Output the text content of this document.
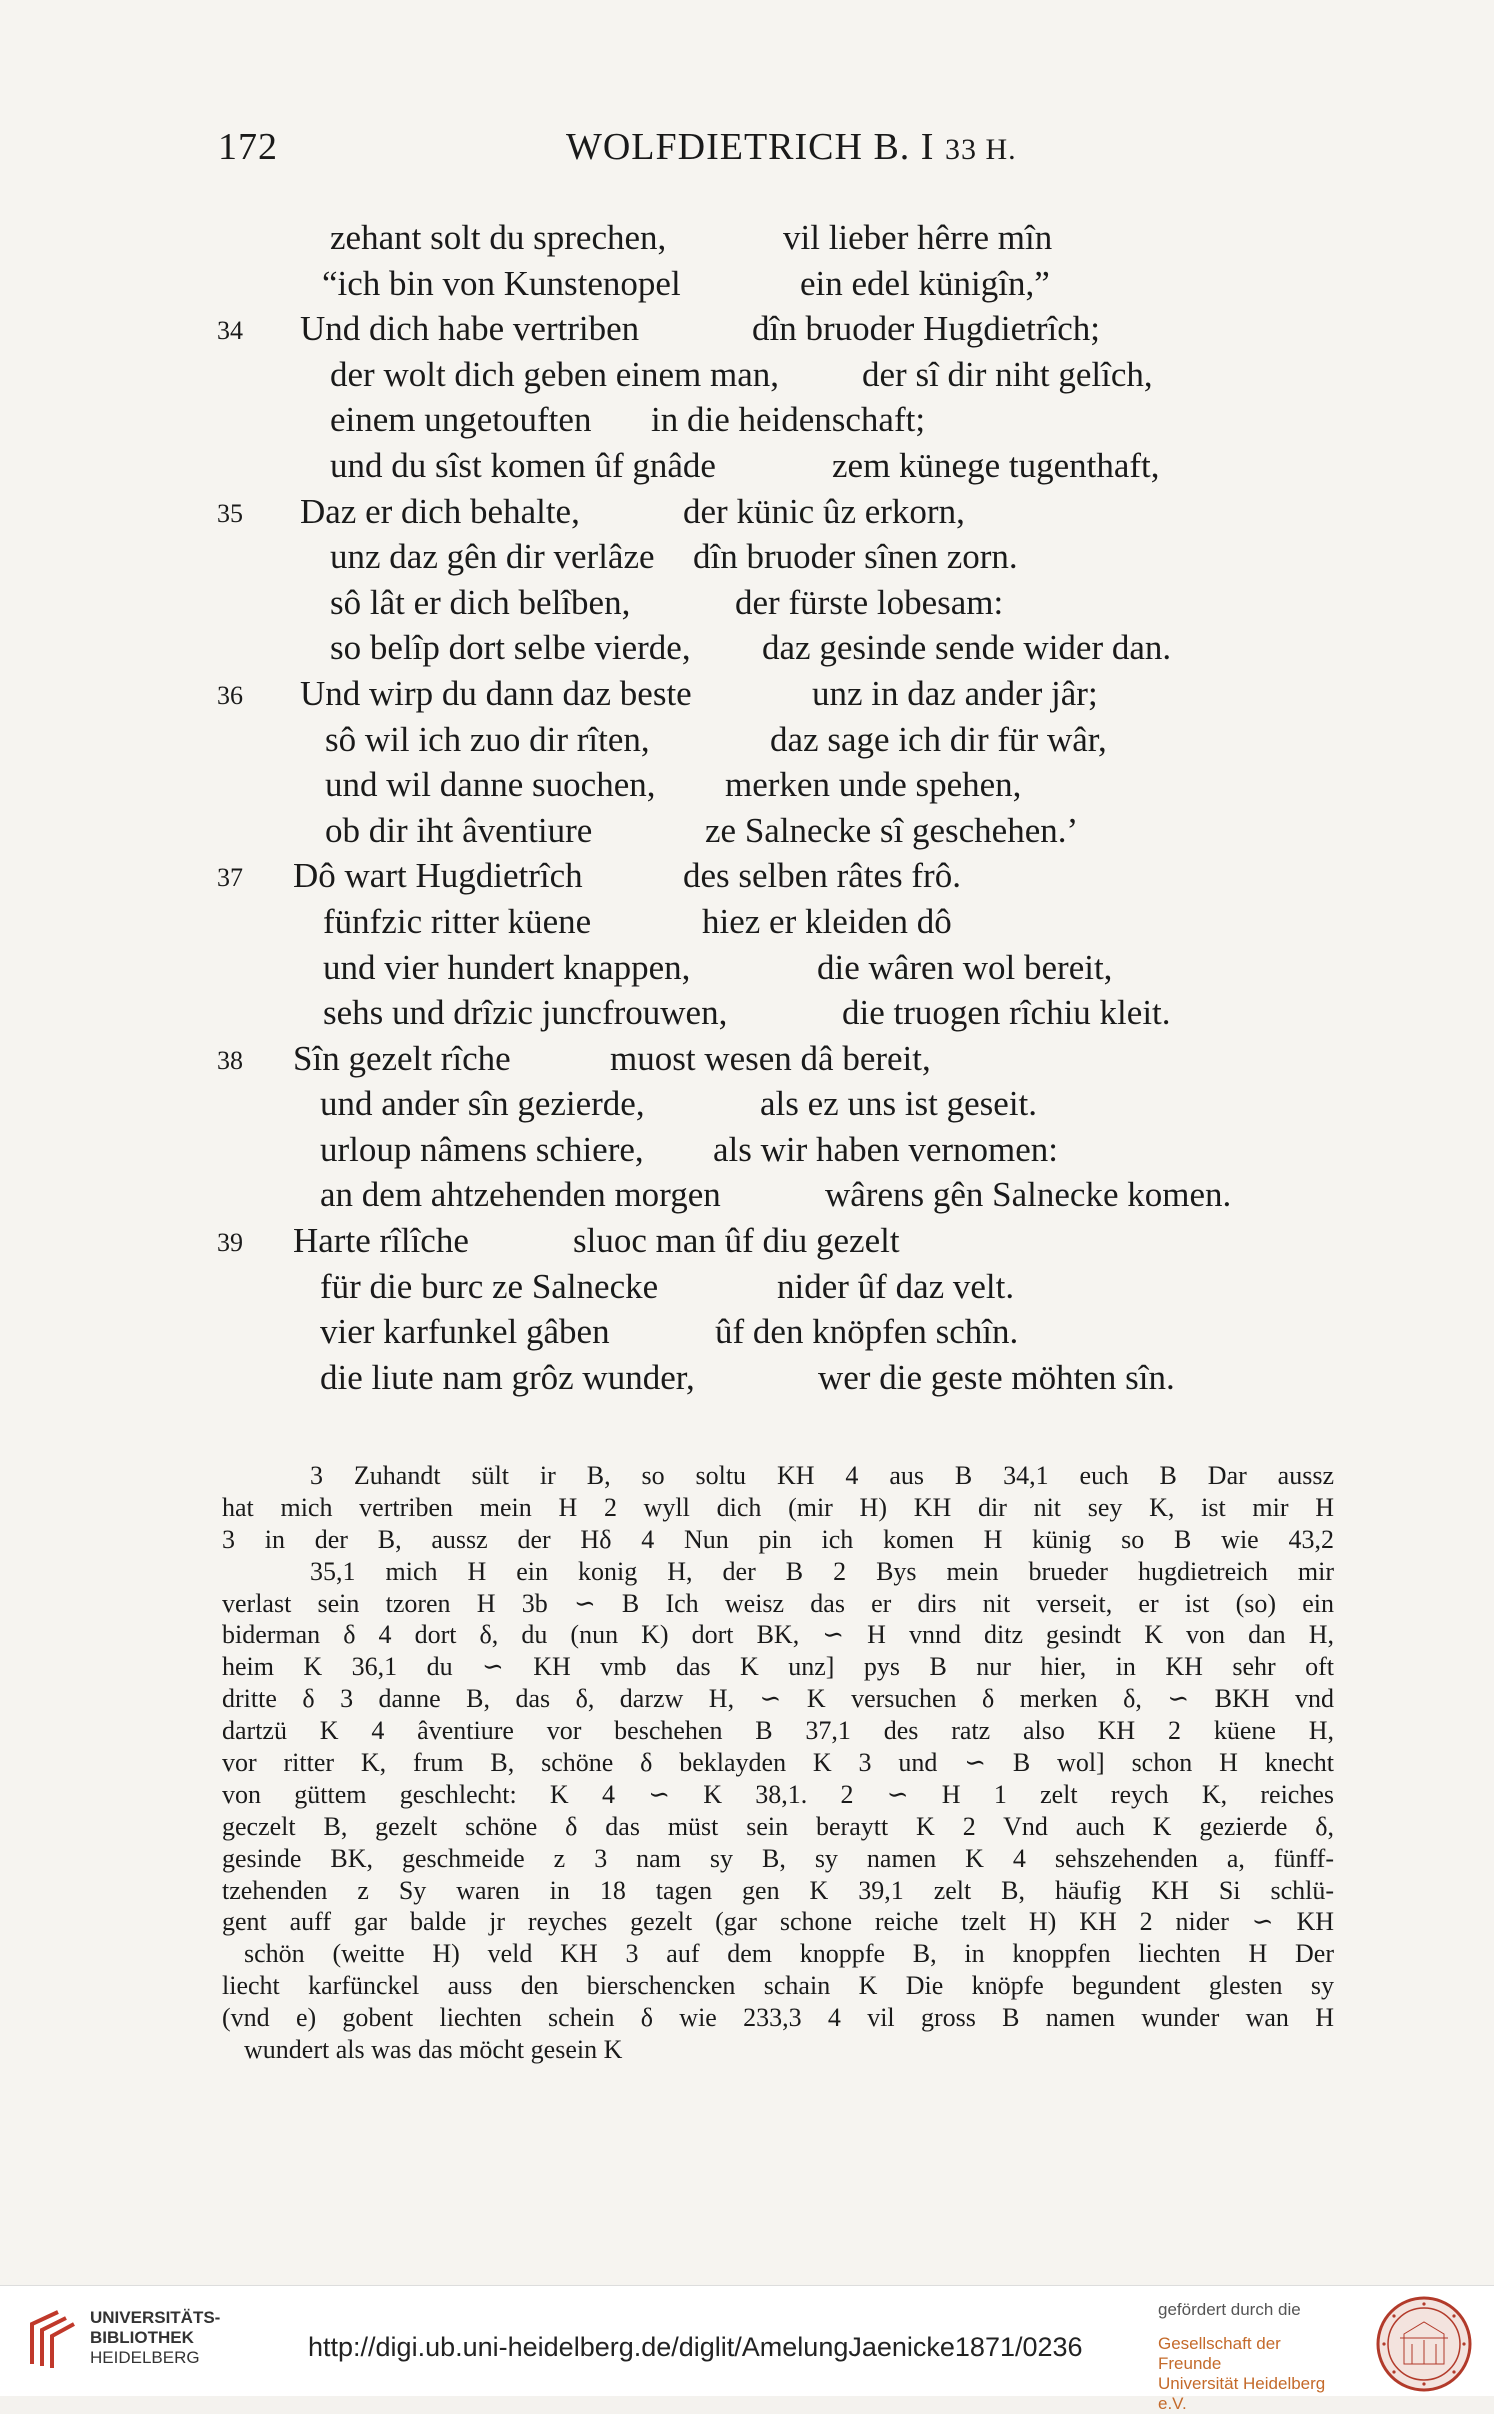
172	WOLFDIETRICH B. I 33 H.
zehant solt du sprechen,	vil lieber hêrre mîn
“ich bin von Kunstenopel	ein edel künigîn,”
34 Und dich habe vertriben	dîn bruoder Hugdietrîch;
der wolt dich geben einem man, der sî dir niht gelîch,
einem ungetouften in die heidenschaft;
und du sîst komen ûf gnâde	zem künege tugenthaft,
35 Daz er dich behalte,	der künic ûz erkorn,
unz daz gên dir verlâze dîn bruoder sînen zorn.
sô lât er dich belîben,	der fürste lobesam:
so belîp dort selbe vierde, daz gesinde sende wider dan.
36 Und wirp du dann daz beste	unz in daz ander jâr;
sô wil ich zuo dir rîten,	daz sage ich dir für wâr,
und wil danne suochen, merken unde spehen,
ob dir iht âventiure	ze Salnecke sî geschehen.’
37 Dô wart Hugdietrîch	des selben râtes frô.
fünfzic ritter küene	hiez er kleiden dô
und vier hundert knappen,	die wâren wol bereit,
sehs und drîzic juncfrouwen,	die truogen rîchiu kleit.
38 Sîn gezelt rîche	muost wesen dâ bereit,
und ander sîn gezierde,	als ez uns ist geseit.
urloup nâmens schiere, als wir haben vernomen:
an dem ahtzehenden morgen	wârens gên Salnecke komen.
39 Harte rîlîche	sluoc man ûf diu gezelt
für die burc ze Salnecke	nider ûf daz velt.
vier karfunkel gâben	ûf den knöpfen schîn.
die liute nam grôz wunder,	wer die geste möhten sîn.
3 Zuhandt sült ir B, so soltu KH 4 aus B 34,1 euch B Dar aussz
hat mich vertriben mein H 2 wyll dich (mir H) KH dir nit sey K, ist mir H
3 in der B, aussz der Hδ 4 Nun pin ich komen H künig so B wie 43,2
35,1 mich H ein konig H, der B 2 Bys mein brueder hugdietreich mir
verlast sein tzoren H 3b ∽ B Ich weisz das er dirs nit verseit, er ist (so) ein
biderman δ 4 dort δ, du (nun K) dort BK, ∽ H vnnd ditz gesindt K von dan H,
heim K 36,1 du ∽ KH vmb das K unz] pys B nur hier, in KH sehr oft
dritte δ 3 danne B, das δ, darzw H, ∽ K versuchen δ merken δ, ∽ BKH vnd
dartzü K 4 âventiure vor beschehen B 37,1 des ratz also KH 2 küene H,
vor ritter K, frum B, schöne δ beklayden K 3 und ∽ B wol] schon H knecht
von güttem geschlecht: K 4 ∽ K 38,1. 2 ∽ H 1 zelt reych K, reiches
geczelt B, gezelt schöne δ das müst sein beraytt K 2 Vnd auch K gezierde δ,
gesinde BK, geschmeide z 3 nam sy B, sy namen K 4 sehszehenden a, fünff-
tzehenden z Sy waren in 18 tagen gen K 39,1 zelt B, häufig KH Si schlü-
gent auff gar balde jr reyches gezelt (gar schone reiche tzelt H) KH 2 nider ∽ KH
schön (weitte H) veld KH 3 auf dem knoppfe B, in knoppfen liechten H Der
liecht karfünckel auss den bierschencken schain K Die knöpfe begundent glesten sy
(vnd e) gobent liechten schein δ wie 233,3 4 vil gross B namen wunder wan H
wundert als was das möcht gesein K
UNIVERSITÄTS-
BIBLIOTHEK
HEIDELBERG	http://digi.ub.uni-heidelberg.de/diglit/AmelungJaenicke1871/0236
gefördert durch die
Gesellschaft der Freunde
Universität Heidelberg e.V.
